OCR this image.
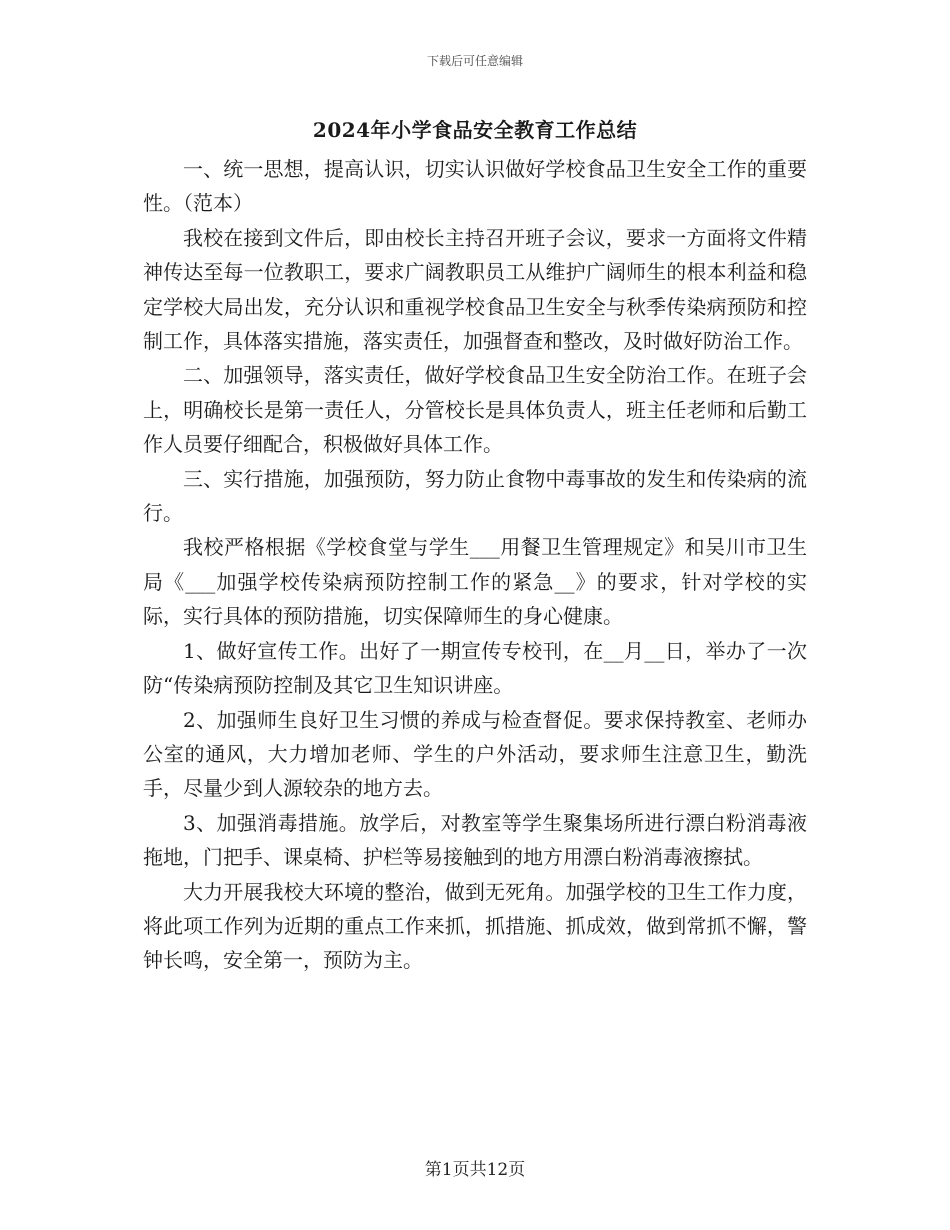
下载后可任意编辑
2024年小学食品安全教育工作总结

一、统一思想，提高认识，切实认识做好学校食品卫生安全工作的重要性。（范本）

我校在接到文件后，即由校长主持召开班子会议，要求一方面将文件精神传达至每一位教职工，要求广阔教职员工从维护广阔师生的根本利益和稳定学校大局出发，充分认识和重视学校食品卫生安全与秋季传染病预防和控制工作，具体落实措施，落实责任，加强督查和整改，及时做好防治工作。

二、加强领导，落实责任，做好学校食品卫生安全防治工作。在班子会上，明确校长是第一责任人，分管校长是具体负责人，班主任老师和后勤工作人员要仔细配合，积极做好具体工作。

三、实行措施，加强预防，努力防止食物中毒事故的发生和传染病的流行。

我校严格根据《学校食堂与学生___用餐卫生管理规定》和吴川市卫生局《___加强学校传染病预防控制工作的紧急__》的要求，针对学校的实际，实行具体的预防措施，切实保障师生的身心健康。

1、做好宣传工作。出好了一期宣传专校刊，在__月__日，举办了一次防“传染病预防控制及其它卫生知识讲座。

2、加强师生良好卫生习惯的养成与检查督促。要求保持教室、老师办公室的通风，大力增加老师、学生的户外活动，要求师生注意卫生，勤洗手，尽量少到人源较杂的地方去。

3、加强消毒措施。放学后，对教室等学生聚集场所进行漂白粉消毒液拖地，门把手、课桌椅、护栏等易接触到的地方用漂白粉消毒液擦拭。

大力开展我校大环境的整治，做到无死角。加强学校的卫生工作力度，将此项工作列为近期的重点工作来抓，抓措施、抓成效，做到常抓不懈，警钟长鸣，安全第一，预防为主。

第1页共12页
